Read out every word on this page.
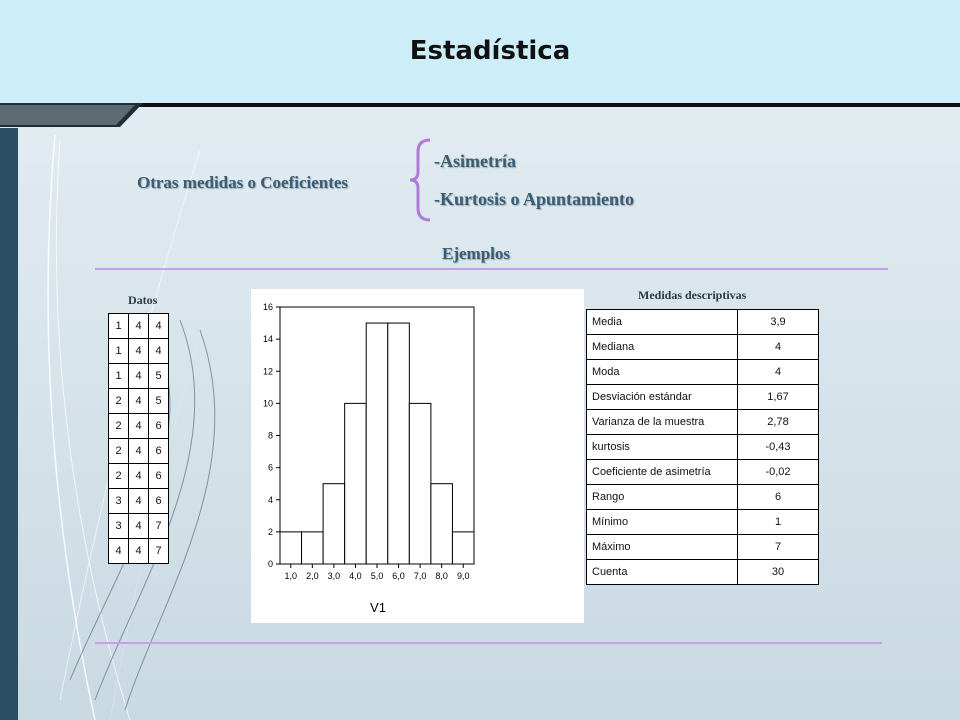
Estadística
Otras medidas o Coeficientes
-Asimetría
-Kurtosis o Apuntamiento
Ejemplos
Datos
1	4	4
1	4	4
1	4	5
2	4	5
2	4	6
2	4	6
2	4	6
3	4	6
3	4	7
4	4	7
0
2
4
6
8
10
12
14
16
1,0 2,0 3,0 4,0 5,0 6,0 7,0 8,0 9,0
V1
Medidas descriptivas
Media	3,9
Mediana	4
Moda	4
Desviación estándar	1,67
Varianza de la muestra	2,78
kurtosis	-0,43
Coeficiente de asimetría	-0,02
Rango	6
Mínimo	1
Máximo	7
Cuenta	30
